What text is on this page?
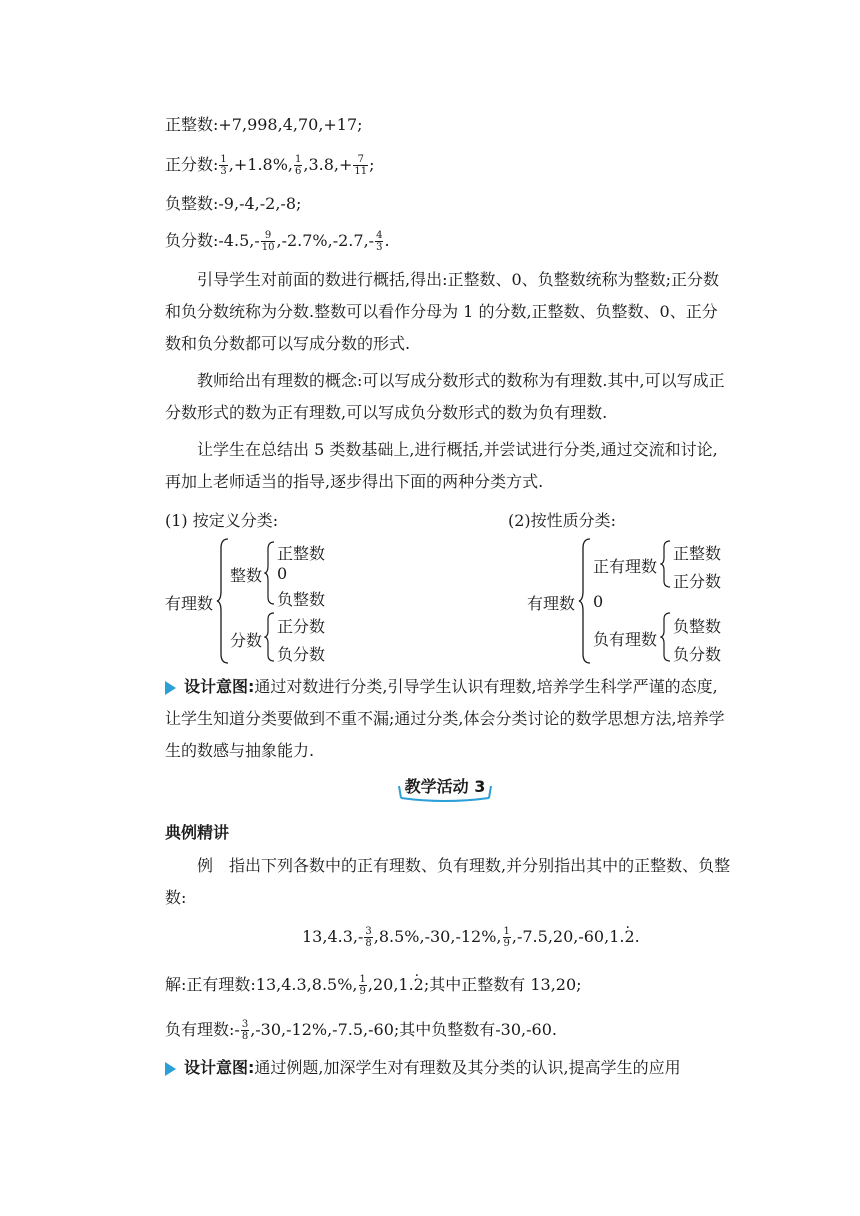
正整数:+7,998,4,70,+17;
正分数: $\frac{1}{3} ,+1.8\%$, $\frac{1}{6} ,3.8,+ \frac{7}{11}$ ;
负整数:-9,-4,-2,-8;
负分数:-4.5,- $\frac{9}{10} ,-2.7\%,-2.7,- \frac{4}{3}$ .
引导学生对前面的数进行概括,得出:正整数、0、负整数统称为整数;正分数和负分数统称为分数.整数可以看作分母为 1 的分数,正整数、负整数、0、正分数和负分数都可以写成分数的形式.
教师给出有理数的概念:可以写成分数形式的数称为有理数.其中,可以写成正分数形式的数为正有理数,可以写成负分数形式的数为负有理数.
让学生在总结出 5 类数基础上,进行概括,并尝试进行分类,通过交流和讨论,再加上老师适当的指导,逐步得出下面的两种分类方式.
(1) 按定义分类:	(2)按性质分类:
有理数
整数
正整数
0
负整数
分数
正分数
负分数
有理数
正有理数
正整数
正分数
0
负有理数
负整数
负分数
设计意图:通过对数进行分类,引导学生认识有理数,培养学生科学严谨的态度,让学生知道分类要做到不重不漏;通过分类,体会分类讨论的数学思想方法,培养学生的数感与抽象能力.
教学活动 3
典例精讲
例　指出下列各数中的正有理数、负有理数,并分别指出其中的正整数、负整数:
$13,4.3,- \frac{3}{8} ,8.5\%,-30,-12\%$, $\frac{1}{9} ,-7.5,20,-60,1.2$ ..
解:正有理数:13,4.3,8.5%, $\frac{1}{9} ,20,1.2$ .;其中正整数有 13,20;
负有理数:- $\frac{3}{8} ,-30,-12\%,-7.5,-60$;其中负整数有-30,-60.
设计意图:通过例题,加深学生对有理数及其分类的认识,提高学生的应用
